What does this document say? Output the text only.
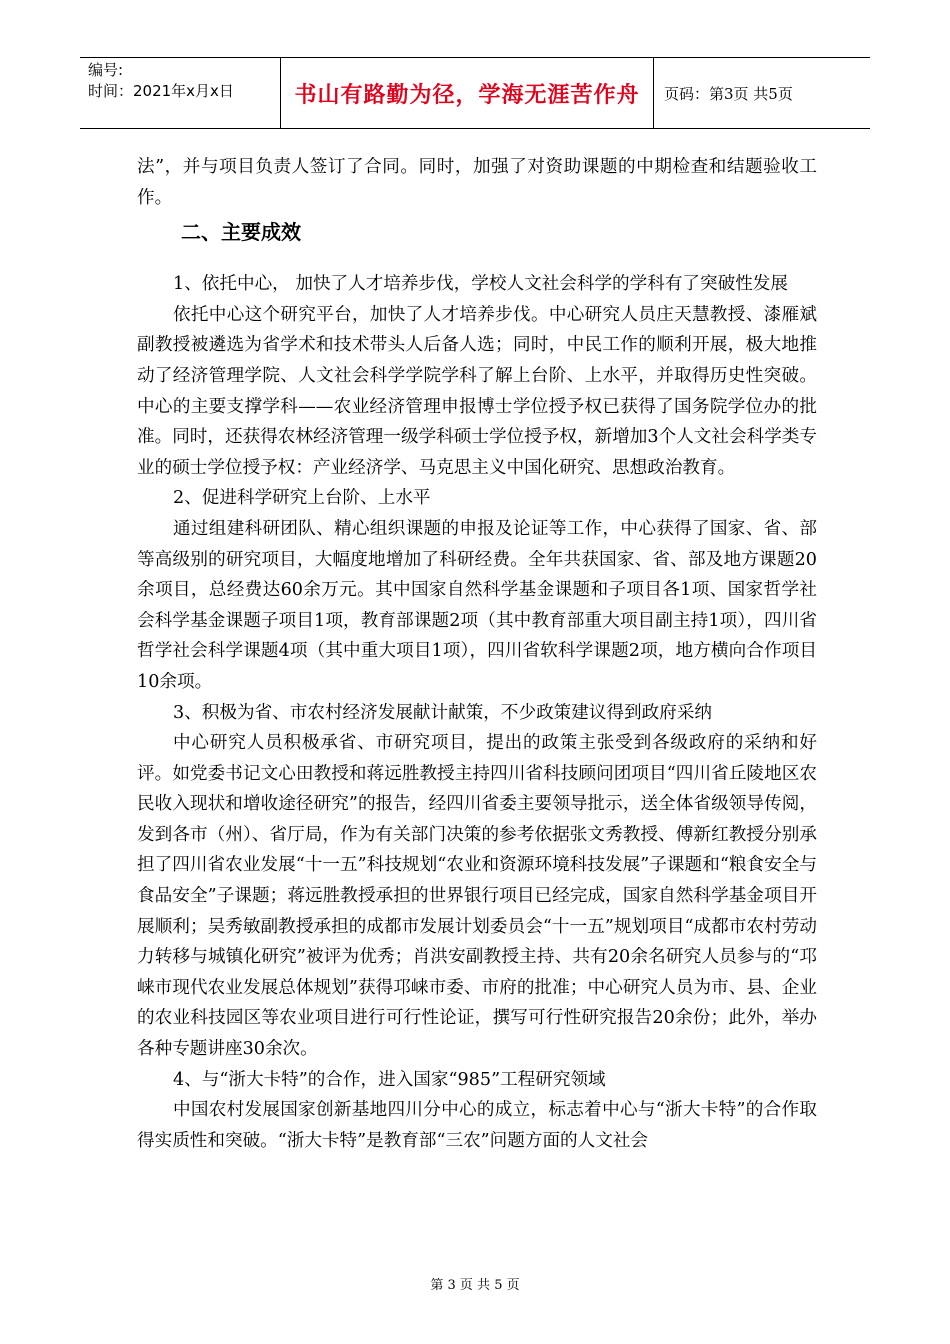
编号:
时间：2021年x月x日	书山有路勤为径，学海无涯苦作舟	页码：第3页 共5页

法”，并与项目负责人签订了合同。同时，加强了对资助课题的中期检查和结题验收工作。

二、主要成效

1、依托中心， 加快了人才培养步伐，学校人文社会科学的学科有了突破性发展

依托中心这个研究平台，加快了人才培养步伐。中心研究人员庄天慧教授、漆雁斌副教授被遴选为省学术和技术带头人后备人选；同时，中民工作的顺利开展，极大地推动了经济管理学院、人文社会科学学院学科了解上台阶、上水平，并取得历史性突破。中心的主要支撑学科——农业经济管理申报博士学位授予权已获得了国务院学位办的批准。同时，还获得农林经济管理一级学科硕士学位授予权，新增加3个人文社会科学类专业的硕士学位授予权：产业经济学、马克思主义中国化研究、思想政治教育。

2、促进科学研究上台阶、上水平

通过组建科研团队、精心组织课题的申报及论证等工作，中心获得了国家、省、部等高级别的研究项目，大幅度地增加了科研经费。全年共获国家、省、部及地方课题20余项目，总经费达60余万元。其中国家自然科学基金课题和子项目各1项、国家哲学社会科学基金课题子项目1项，教育部课题2项（其中教育部重大项目副主持1项），四川省哲学社会科学课题4项（其中重大项目1项），四川省软科学课题2项，地方横向合作项目10余项。

3、积极为省、市农村经济发展献计献策，不少政策建议得到政府采纳

中心研究人员积极承省、市研究项目，提出的政策主张受到各级政府的采纳和好评。如党委书记文心田教授和蒋远胜教授主持四川省科技顾问团项目“四川省丘陵地区农民收入现状和增收途径研究”的报告，经四川省委主要领导批示，送全体省级领导传阅，发到各市（州）、省厅局，作为有关部门决策的参考依据张文秀教授、傅新红教授分别承担了四川省农业发展“十一五”科技规划“农业和资源环境科技发展”子课题和“粮食安全与食品安全”子课题；蒋远胜教授承担的世界银行项目已经完成，国家自然科学基金项目开展顺利；吴秀敏副教授承担的成都市发展计划委员会“十一五”规划项目“成都市农村劳动力转移与城镇化研究”被评为优秀；肖洪安副教授主持、共有20余名研究人员参与的“邛崃市现代农业发展总体规划”获得邛崃市委、市府的批准；中心研究人员为市、县、企业的农业科技园区等农业项目进行可行性论证，撰写可行性研究报告20余份；此外，举办各种专题讲座30余次。

4、与“浙大卡特”的合作，进入国家“985”工程研究领域

中国农村发展国家创新基地四川分中心的成立，标志着中心与“浙大卡特”的合作取得实质性和突破。“浙大卡特”是教育部“三农”问题方面的人文社会

第 3 页 共 5 页
